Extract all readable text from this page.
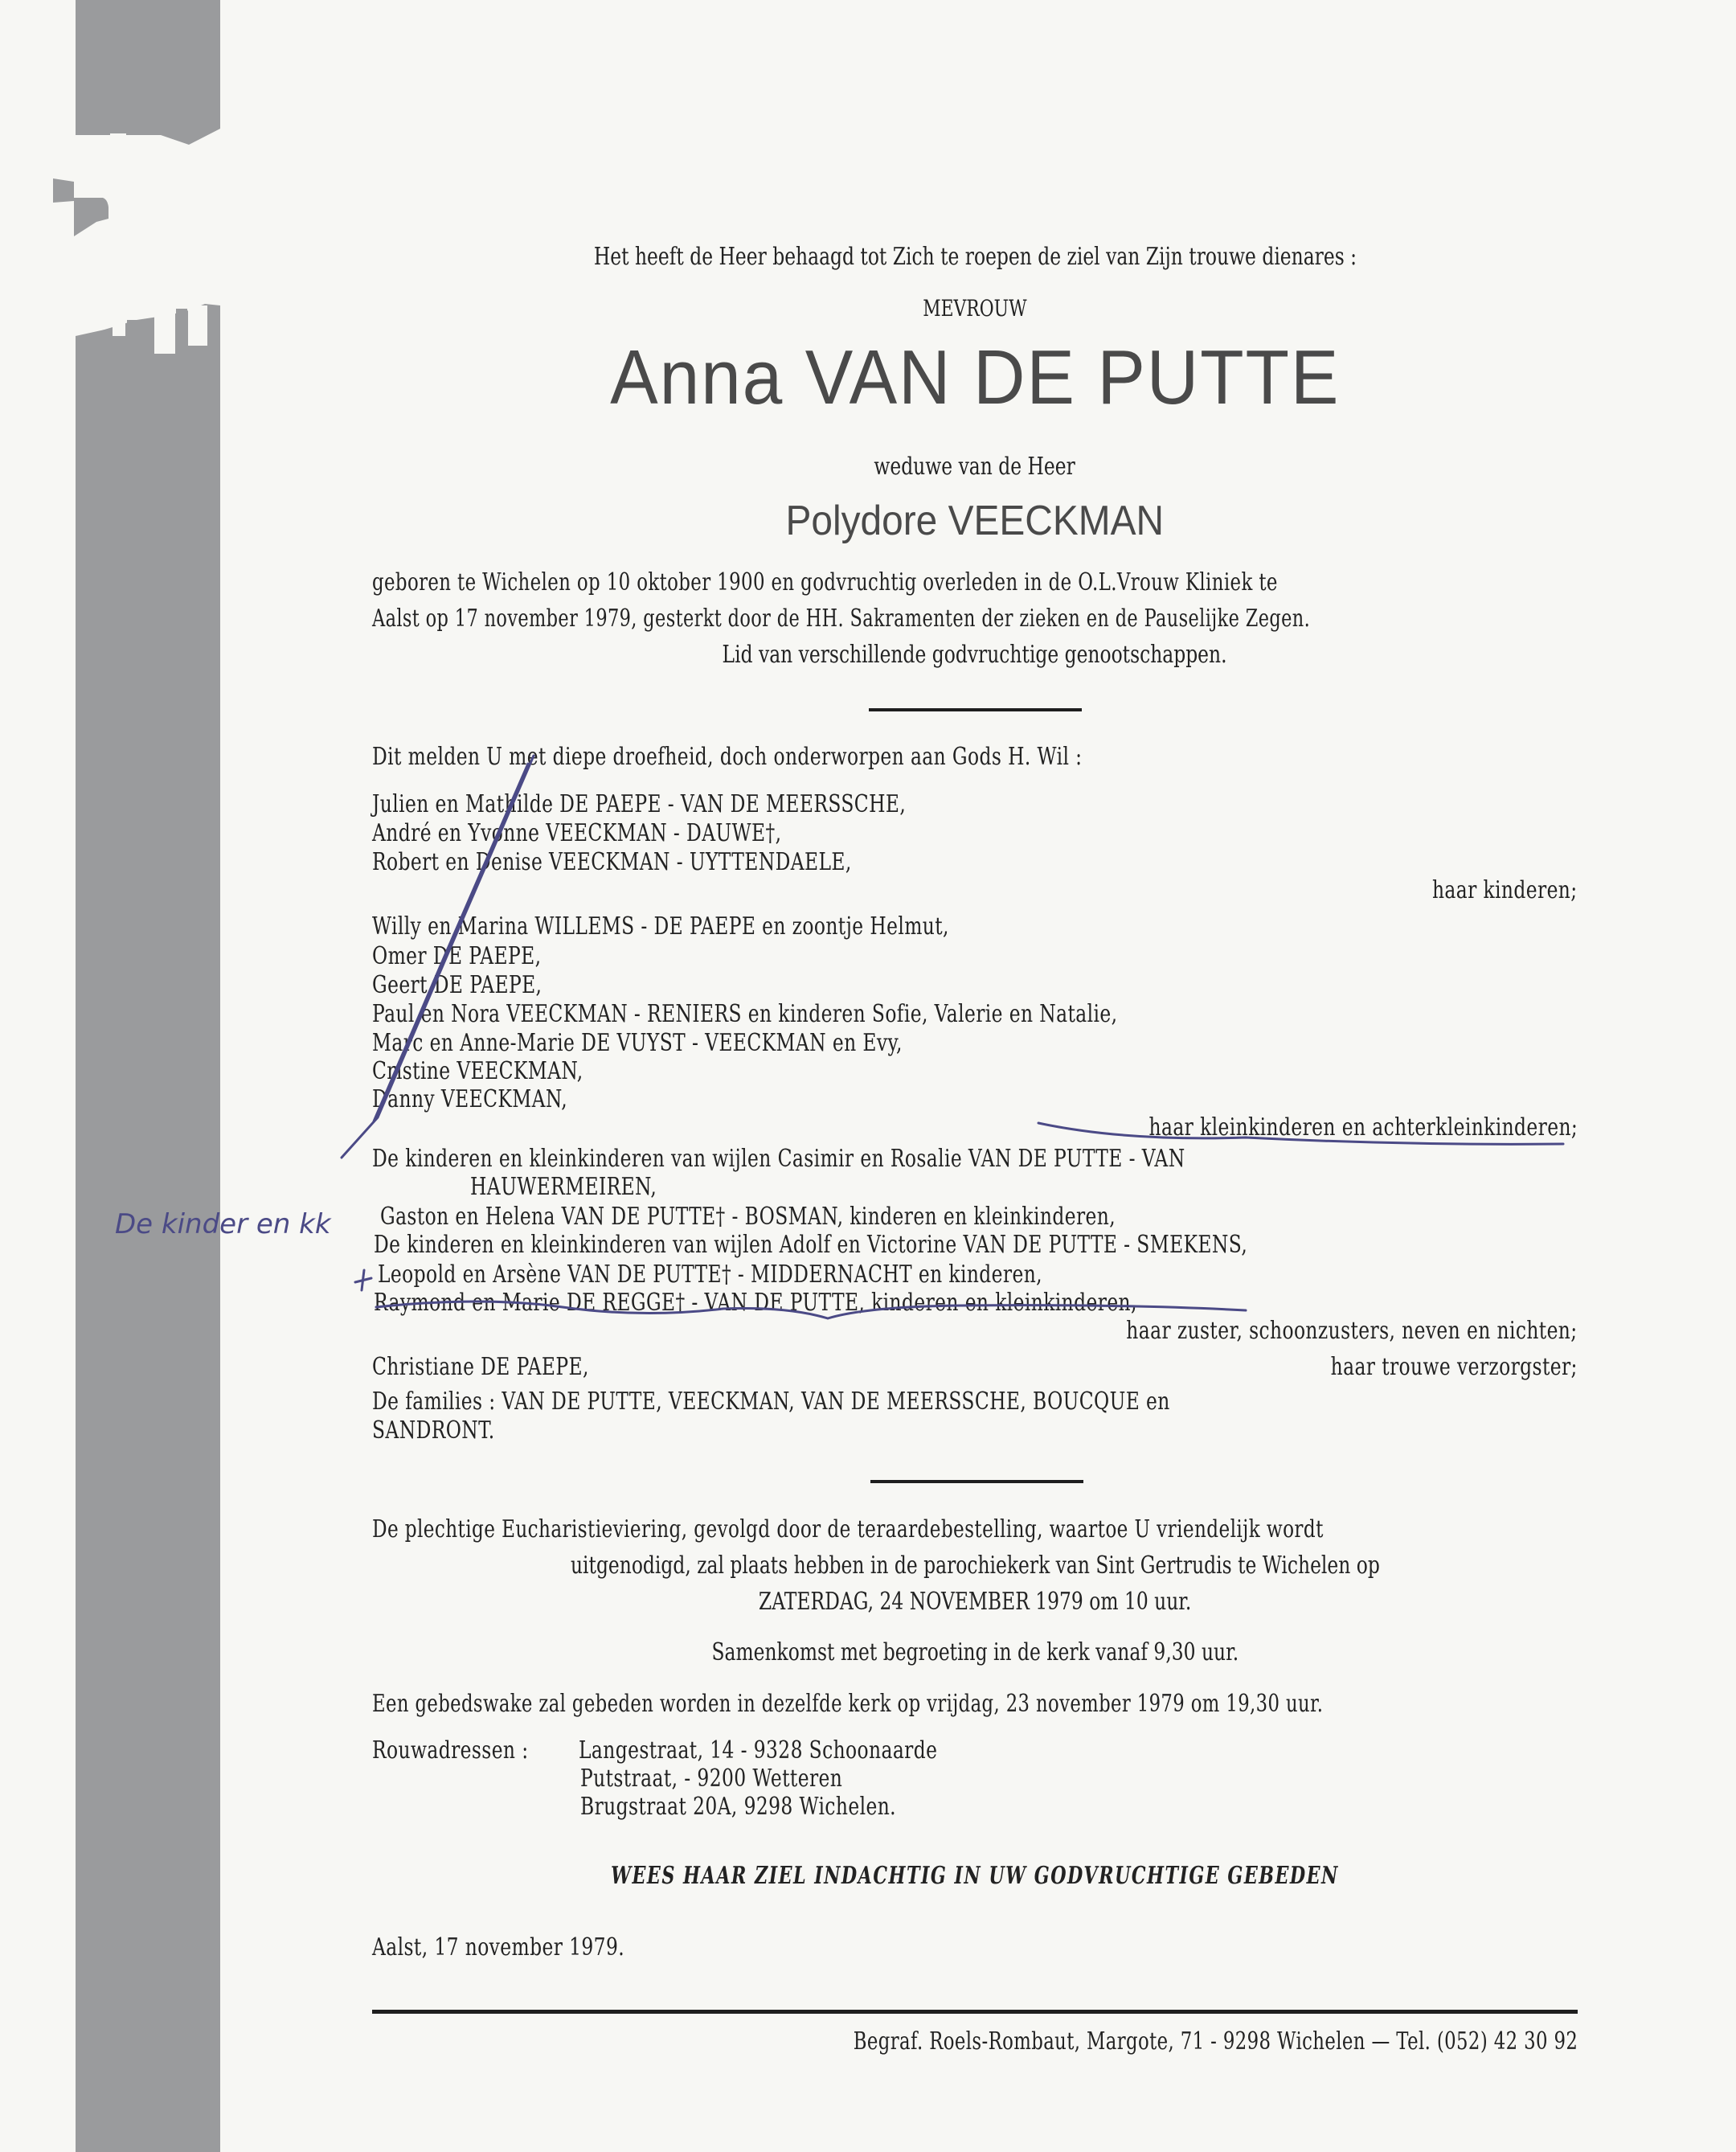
Het heeft de Heer behaagd tot Zich te roepen de ziel van Zijn trouwe dienares :
MEVROUW
Anna VAN DE PUTTE
weduwe van de Heer
Polydore VEECKMAN
geboren te Wichelen op 10 oktober 1900 en godvruchtig overleden in de O.L.Vrouw Kliniek te
Aalst op 17 november 1979, gesterkt door de HH. Sakramenten der zieken en de Pauselijke Zegen.
Lid van verschillende godvruchtige genootschappen.
Dit melden U met diepe droefheid, doch onderworpen aan Gods H. Wil :
Julien en Mathilde DE PAEPE - VAN DE MEERSSCHE,
André en Yvonne VEECKMAN - DAUWE†,
Robert en Denise VEECKMAN - UYTTENDAELE,
haar kinderen;
Willy en Marina WILLEMS - DE PAEPE en zoontje Helmut,
Omer DE PAEPE,
Geert DE PAEPE,
Paul en Nora VEECKMAN - RENIERS en kinderen Sofie, Valerie en Natalie,
Marc en Anne-Marie DE VUYST - VEECKMAN en Evy,
Cristine VEECKMAN,
Danny VEECKMAN,
haar kleinkinderen en achterkleinkinderen;
De kinderen en kleinkinderen van wijlen Casimir en Rosalie VAN DE PUTTE - VAN
HAUWERMEIREN,
Gaston en Helena VAN DE PUTTE† - BOSMAN, kinderen en kleinkinderen,
De kinderen en kleinkinderen van wijlen Adolf en Victorine VAN DE PUTTE - SMEKENS,
Leopold en Arsène VAN DE PUTTE† - MIDDERNACHT en kinderen,
Raymond en Marie DE REGGE† - VAN DE PUTTE, kinderen en kleinkinderen,
haar zuster, schoonzusters, neven en nichten;
Christiane DE PAEPE,	haar trouwe verzorgster;
De families : VAN DE PUTTE, VEECKMAN, VAN DE MEERSSCHE, BOUCQUE en
SANDRONT.
De plechtige Eucharistieviering, gevolgd door de teraardebestelling, waartoe U vriendelijk wordt
uitgenodigd, zal plaats hebben in de parochiekerk van Sint Gertrudis te Wichelen op
ZATERDAG, 24 NOVEMBER 1979 om 10 uur.
Samenkomst met begroeting in de kerk vanaf 9,30 uur.
Een gebedswake zal gebeden worden in dezelfde kerk op vrijdag, 23 november 1979 om 19,30 uur.
Rouwadressen : Langestraat, 14 - 9328 Schoonaarde
Putstraat, - 9200 Wetteren
Brugstraat 20A, 9298 Wichelen.
WEES HAAR ZIEL INDACHTIG IN UW GODVRUCHTIGE GEBEDEN
Aalst, 17 november 1979.
Begraf. Roels-Rombaut, Margote, 71 - 9298 Wichelen — Tel. (052) 42 30 92
De kinder en kk
